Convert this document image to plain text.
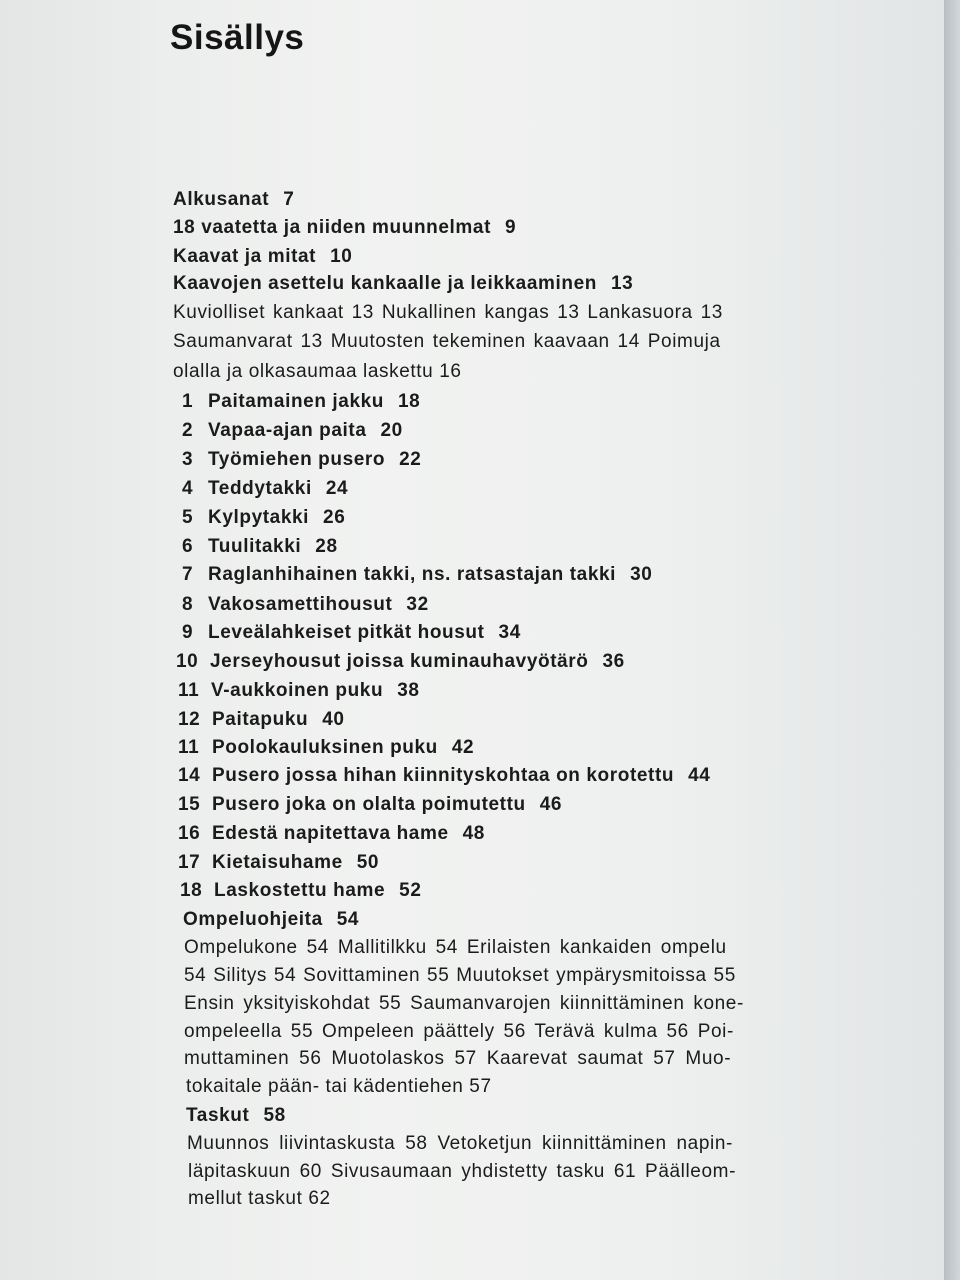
Sisällys
Alkusanat 7
18 vaatetta ja niiden muunnelmat 9
Kaavat ja mitat 10
Kaavojen asettelu kankaalle ja leikkaaminen 13
Kuviolliset kankaat 13 Nukallinen kangas 13 Lankasuora 13
Saumanvarat 13 Muutosten tekeminen kaavaan 14 Poimuja
olalla ja olkasaumaa laskettu 16
1 Paitamainen jakku 18
2 Vapaa-ajan paita 20
3 Työmiehen pusero 22
4 Teddytakki 24
5 Kylpytakki 26
6 Tuulitakki 28
7 Raglanhihainen takki, ns. ratsastajan takki 30
8 Vakosamettihousut 32
9 Leveälahkeiset pitkät housut 34
10 Jerseyhousut joissa kuminauhavyötärö 36
11 V-aukkoinen puku 38
12 Paitapuku 40
11 Poolokauluksinen puku 42
14 Pusero jossa hihan kiinnityskohtaa on korotettu 44
15 Pusero joka on olalta poimutettu 46
16 Edestä napitettava hame 48
17 Kietaisuhame 50
18 Laskostettu hame 52
Ompeluohjeita 54
Ompelukone 54 Mallitilkku 54 Erilaisten kankaiden ompelu
54 Silitys 54 Sovittaminen 55 Muutokset ympärysmitoissa 55
Ensin yksityiskohdat 55 Saumanvarojen kiinnittäminen kone-
ompeleella 55 Ompeleen päättely 56 Terävä kulma 56 Poi-
muttaminen 56 Muotolaskos 57 Kaarevat saumat 57 Muo-
tokaitale pään- tai kädentiehen 57
Taskut 58
Muunnos liivintaskusta 58 Vetoketjun kiinnittäminen napin-
läpitaskuun 60 Sivusaumaan yhdistetty tasku 61 Päälleom-
mellut taskut 62
